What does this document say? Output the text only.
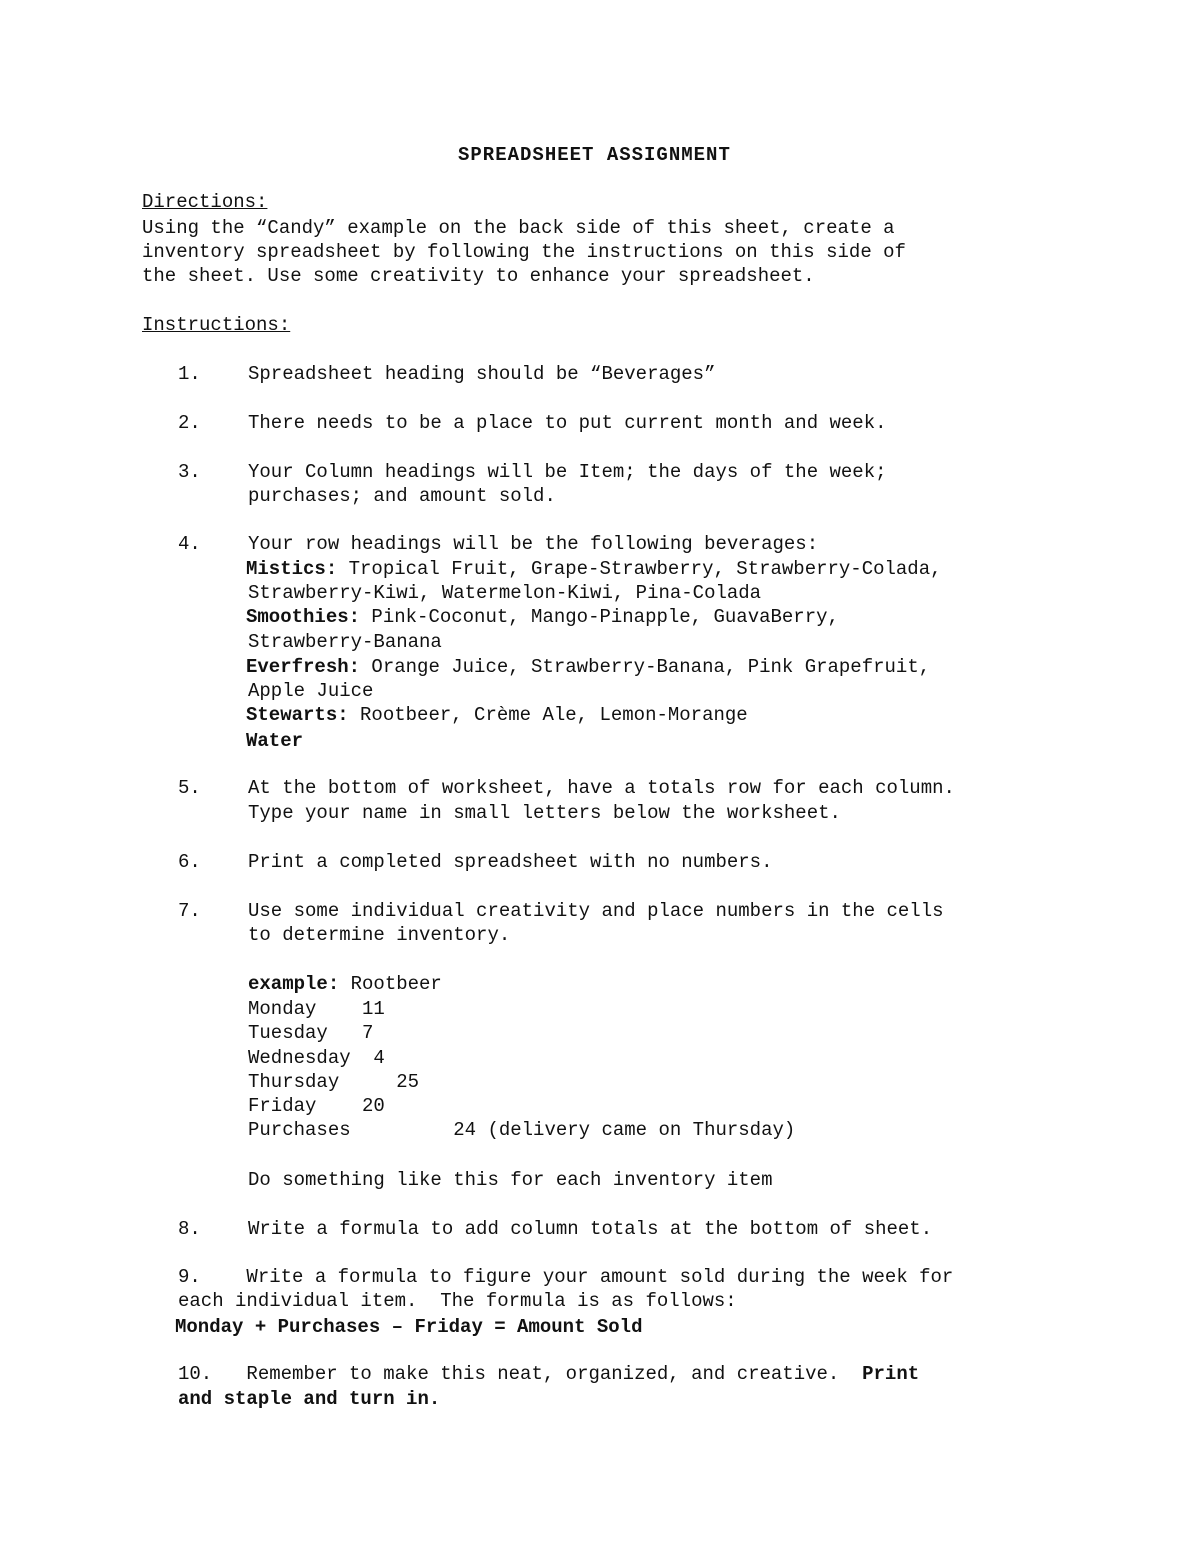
SPREADSHEET ASSIGNMENT
Directions:
Using the “Candy” example on the back side of this sheet, create a
inventory spreadsheet by following the instructions on this side of
the sheet. Use some creativity to enhance your spreadsheet.
Instructions:
1. Spreadsheet heading should be “Beverages”
2. There needs to be a place to put current month and week.
3. Your Column headings will be Item; the days of the week;
purchases; and amount sold.
4. Your row headings will be the following beverages:
Mistics: Tropical Fruit, Grape-Strawberry, Strawberry-Colada,
Strawberry-Kiwi, Watermelon-Kiwi, Pina-Colada
Smoothies: Pink-Coconut, Mango-Pinapple, GuavaBerry,
Strawberry-Banana
Everfresh: Orange Juice, Strawberry-Banana, Pink Grapefruit,
Apple Juice
Stewarts: Rootbeer, Crème Ale, Lemon-Morange
Water
5. At the bottom of worksheet, have a totals row for each column.
Type your name in small letters below the worksheet.
6. Print a completed spreadsheet with no numbers.
7. Use some individual creativity and place numbers in the cells
to determine inventory.
example: Rootbeer
Monday    11
Tuesday   7
Wednesday  4
Thursday     25
Friday    20
Purchases         24 (delivery came on Thursday)
Do something like this for each inventory item
8. Write a formula to add column totals at the bottom of sheet.
9.    Write a formula to figure your amount sold during the week for
each individual item.  The formula is as follows:
Monday + Purchases – Friday = Amount Sold
10.   Remember to make this neat, organized, and creative.  Print
and staple and turn in.
